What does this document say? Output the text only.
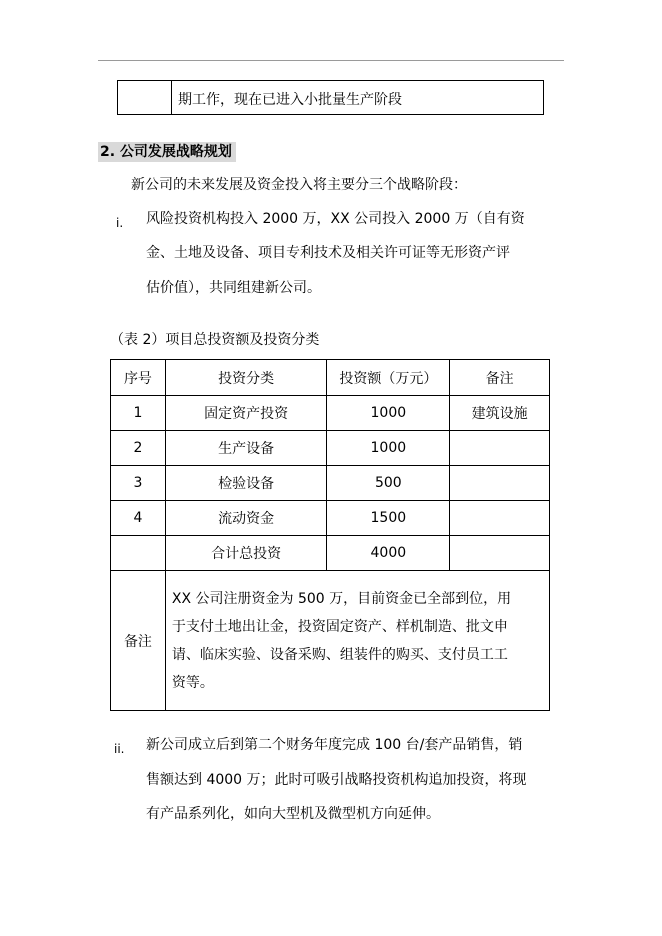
期工作，现在已进入小批量生产阶段
2. 公司发展战略规划
新公司的未来发展及资金投入将主要分三个战略阶段：
i. 风险投资机构投入 2000 万，XX 公司投入 2000 万（自有资
金、土地及设备、项目专利技术及相关许可证等无形资产评
估价值），共同组建新公司。
（表 2）项目总投资额及投资分类
序号	投资分类	投资额（万元）	备注
1	固定资产投资	1000	建筑设施
2	生产设备	1000	
3	检验设备	500	
4	流动资金	1500	
	合计总投资	4000	
备注	XX 公司注册资金为 500 万，目前资金已全部到位，用
于支付土地出让金，投资固定资产、样机制造、批文申
请、临床实验、设备采购、组装件的购买、支付员工工
资等。		
ii. 新公司成立后到第二个财务年度完成 100 台/套产品销售，销
售额达到 4000 万；此时可吸引战略投资机构追加投资，将现
有产品系列化，如向大型机及微型机方向延伸。
